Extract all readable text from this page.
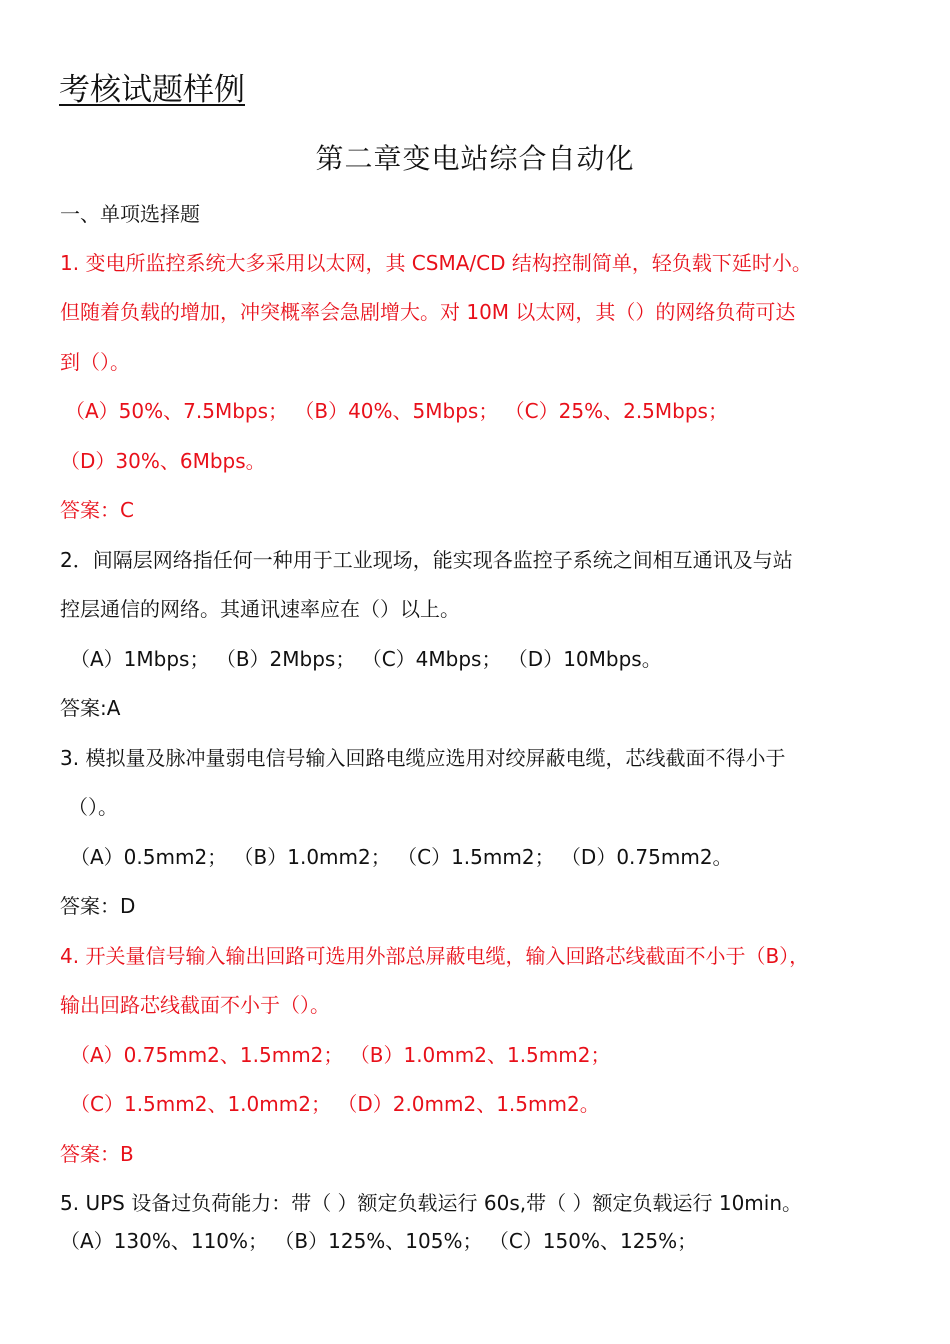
考核试题样例
第二章变电站综合自动化
一、单项选择题
1. 变电所监控系统大多采用以太网，其 CSMA/CD 结构控制简单，轻负载下延时小。
但随着负载的增加，冲突概率会急剧增大。对 10M 以太网，其（）的网络负荷可达
到（）。
（A）50%、7.5Mbps； （B）40%、5Mbps； （C）25%、2.5Mbps；
（D）30%、6Mbps。
答案：C
2．间隔层网络指任何一种用于工业现场，能实现各监控子系统之间相互通讯及与站
控层通信的网络。其通讯速率应在（）以上。
（A）1Mbps； （B）2Mbps； （C）4Mbps； （D）10Mbps。
答案:A
3. 模拟量及脉冲量弱电信号输入回路电缆应选用对绞屏蔽电缆，芯线截面不得小于
（）。
（A）0.5mm2； （B）1.0mm2； （C）1.5mm2； （D）0.75mm2。
答案：D
4. 开关量信号输入输出回路可选用外部总屏蔽电缆，输入回路芯线截面不小于（B），
输出回路芯线截面不小于（）。
（A）0.75mm2、1.5mm2； （B）1.0mm2、1.5mm2；
（C）1.5mm2、1.0mm2； （D）2.0mm2、1.5mm2。
答案：B
5. UPS 设备过负荷能力：带（ ）额定负载运行 60s,带（ ）额定负载运行 10min。
（A）130%、110%； （B）125%、105%； （C）150%、125%；
